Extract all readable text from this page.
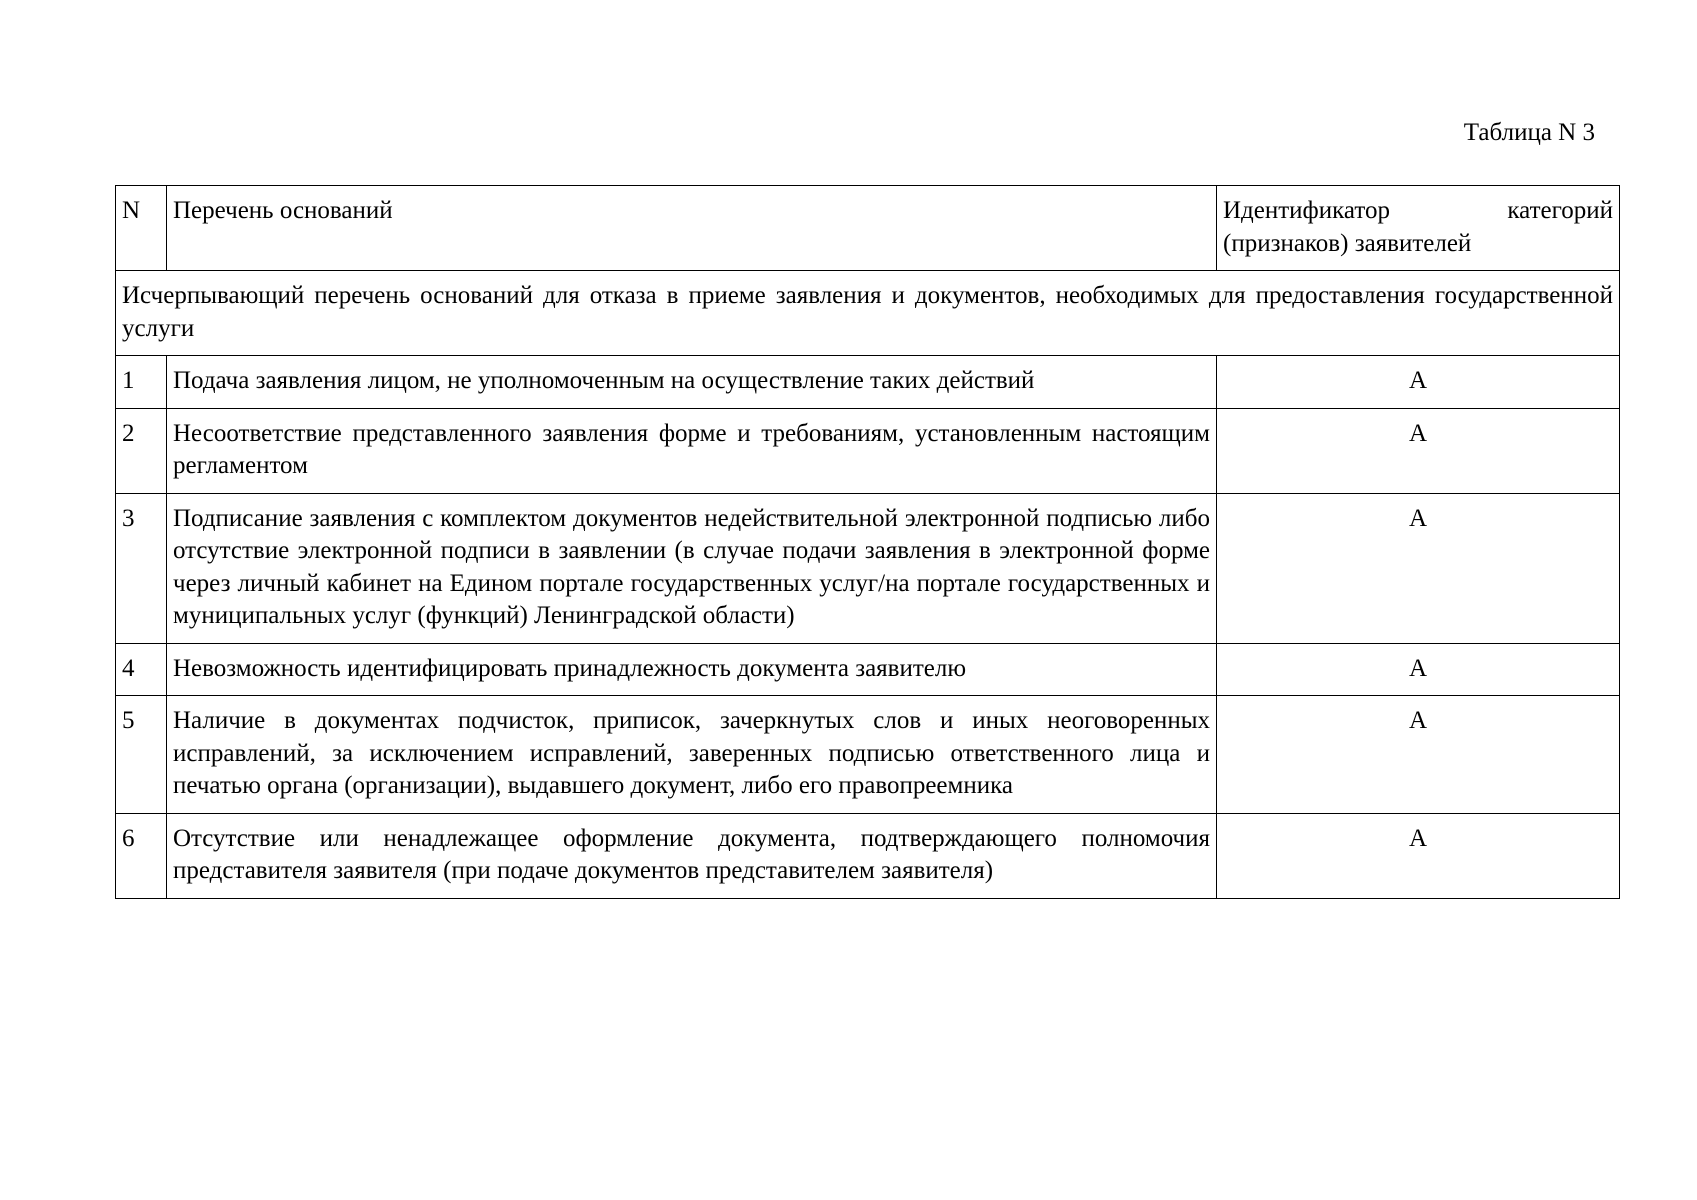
Таблица N 3
N	Перечень оснований	Идентификатор категорий (признаков) заявителей
Исчерпывающий перечень оснований для отказа в приеме заявления и документов, необходимых для предоставления государственной услуги		
1	Подача заявления лицом, не уполномоченным на осуществление таких действий	А
2	Несоответствие представленного заявления форме и требованиям, установленным настоящим регламентом	А
3	Подписание заявления с комплектом документов недействительной электронной подписью либо отсутствие электронной подписи в заявлении (в случае подачи заявления в электронной форме через личный кабинет на Едином портале государственных услуг/на портале государственных и муниципальных услуг (функций) Ленинградской области)	А
4	Невозможность идентифицировать принадлежность документа заявителю	А
5	Наличие в документах подчисток, приписок, зачеркнутых слов и иных неоговоренных исправлений, за исключением исправлений, заверенных подписью ответственного лица и печатью органа (организации), выдавшего документ, либо его правопреемника	А
6	Отсутствие или ненадлежащее оформление документа, подтверждающего полномочия представителя заявителя (при подаче документов представителем заявителя)	А
